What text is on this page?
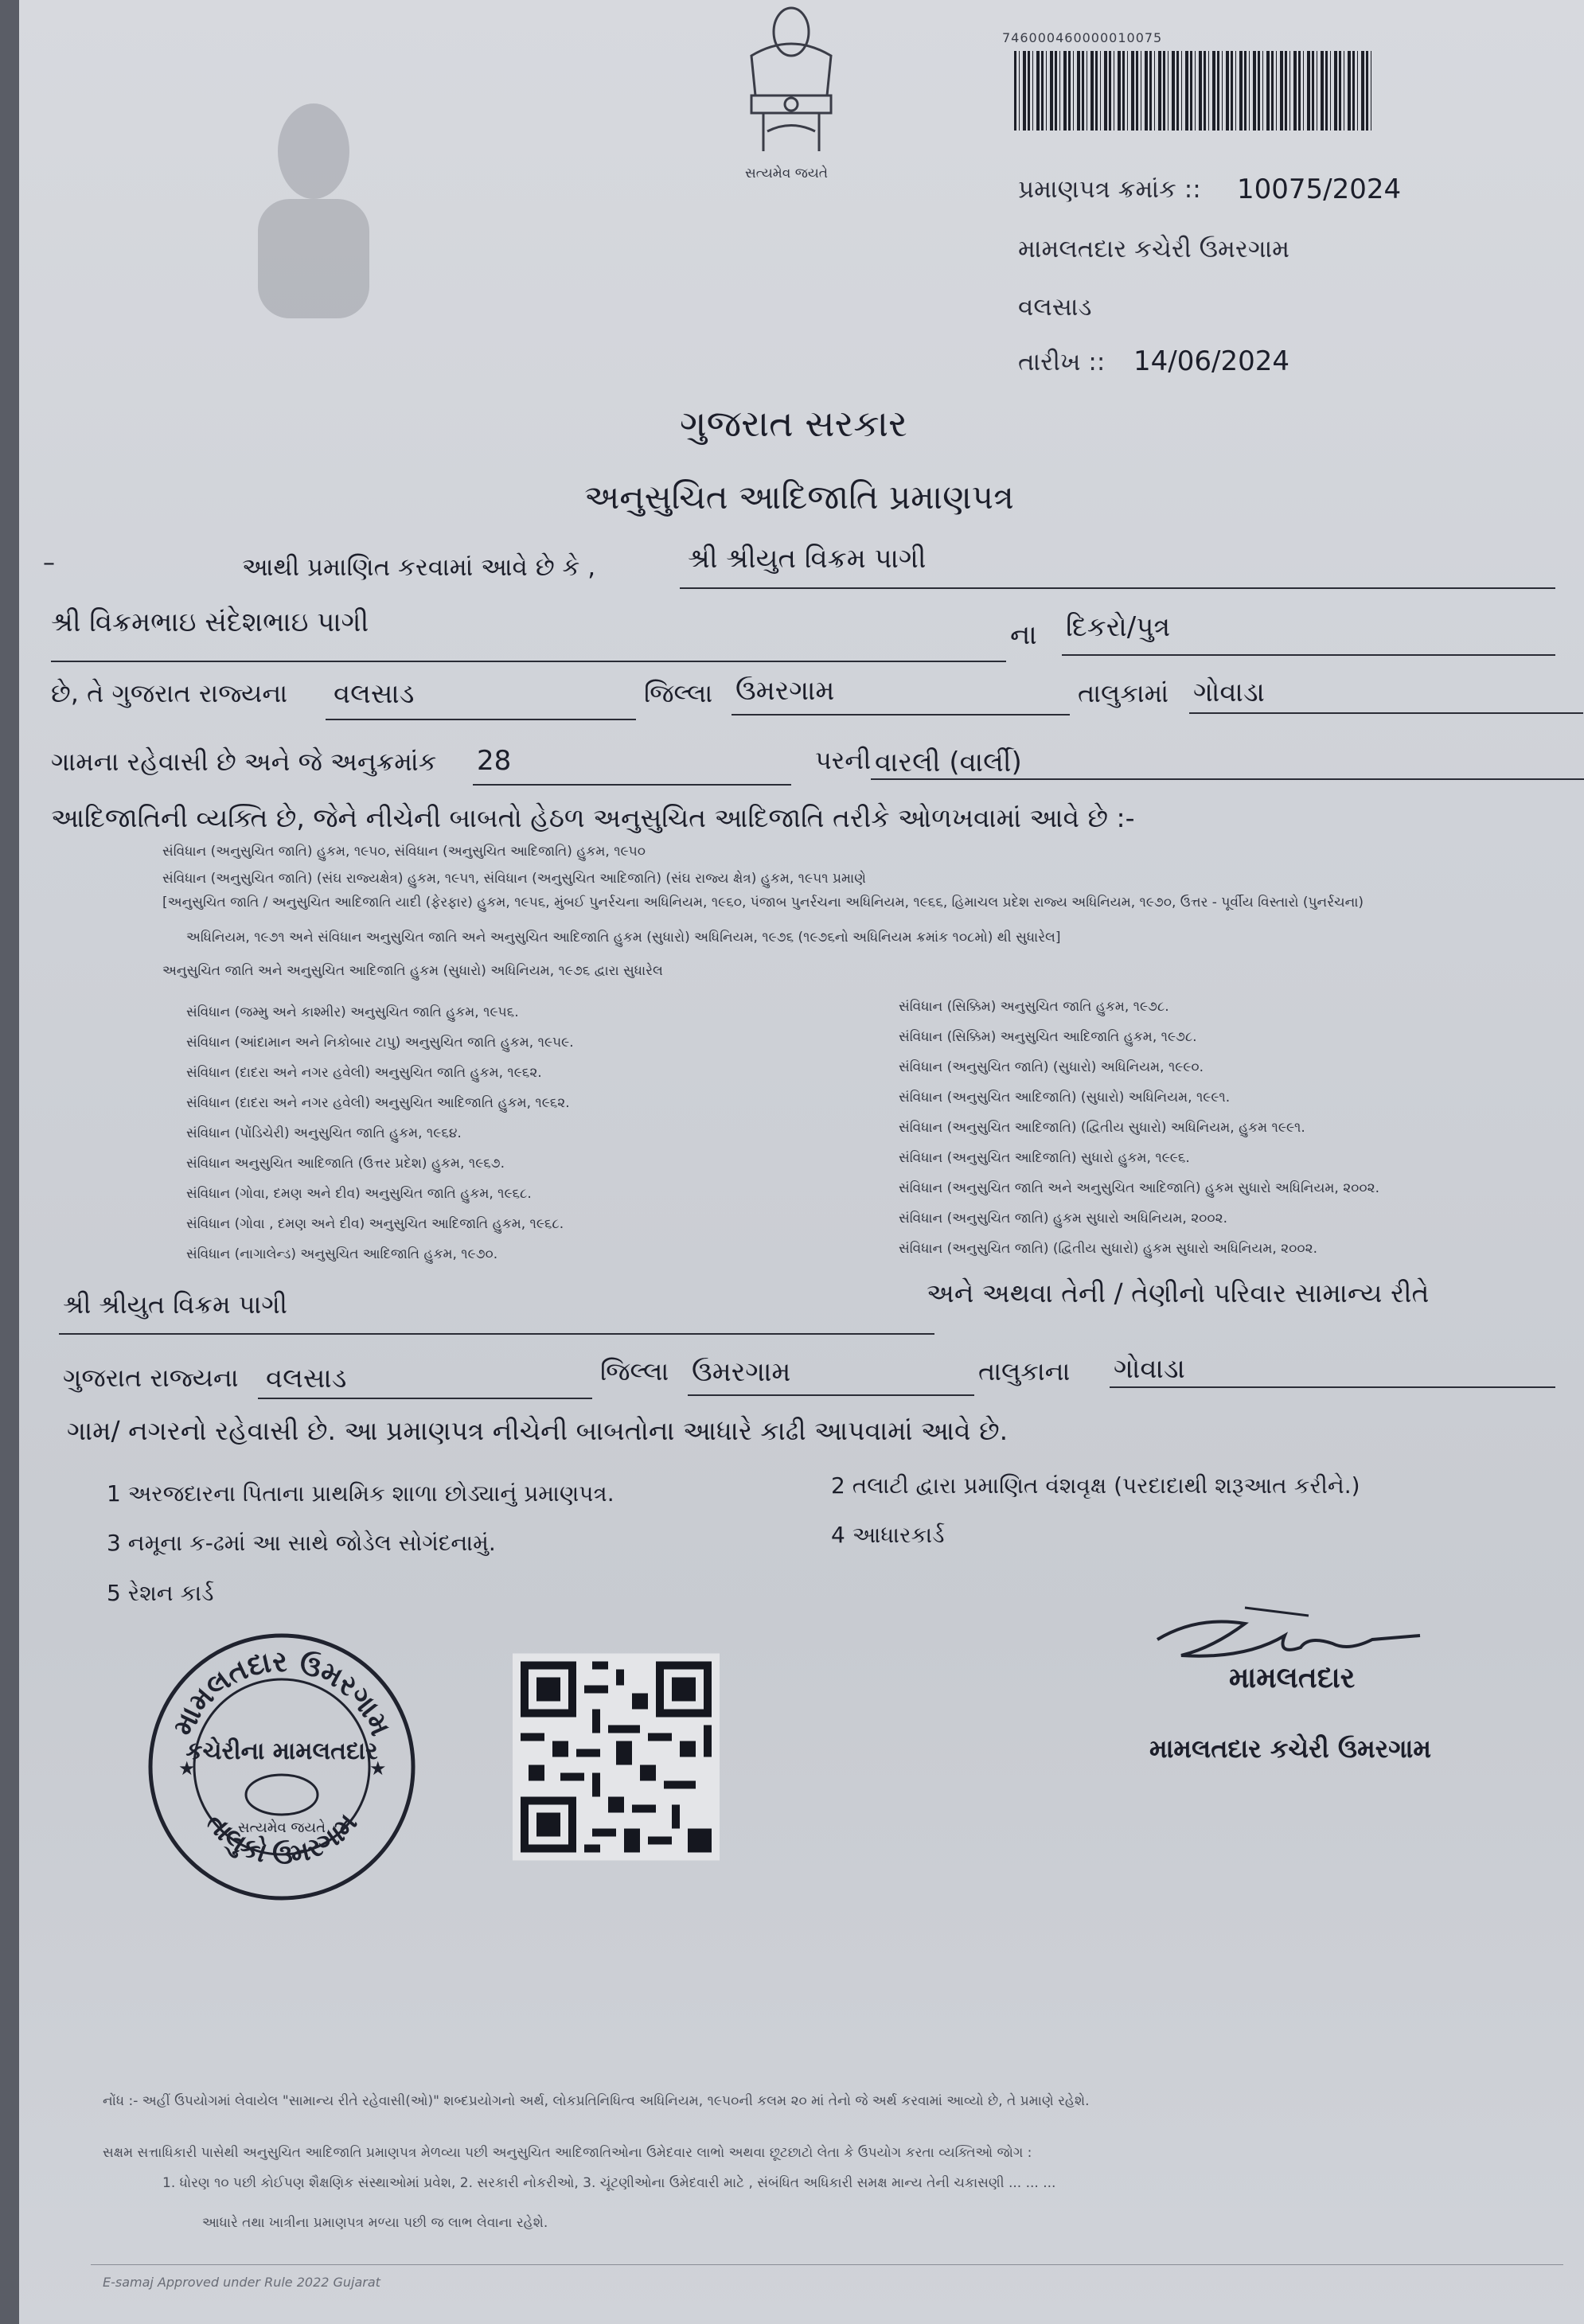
સત્યમેવ જયતે
746000460000010075
પ્રમાણપત્ર ક્રમાંક :: 10075/2024
મામલતદાર કચેરી ઉમરગામ
વલસાડ
તારીખ :: 14/06/2024
ગુજરાત સરકાર
અનુસુચિત આદિજાતિ પ્રમાણપત્ર
–	આથી પ્રમાણિત કરવામાં આવે છે કે ,	શ્રી શ્રીયુત વિક્રમ પાગી
શ્રી વિક્રમભાઇ સંદેશભાઇ પાગી	ના દિકરો/પુત્ર
છે, તે ગુજરાત રાજ્યના વલસાડ	જિલ્લા ઉમરગામ	તાલુકામાં ગોવાડા
ગામના રહેવાસી છે અને જે અનુક્રમાંક 28	પરની વારલી (વાર્લી)
આદિજાતિની વ્યક્તિ છે, જેને નીચેની બાબતો હેઠળ અનુસુચિત આદિજાતિ તરીકે ઓળખવામાં આવે છે :-
સંવિધાન (અનુસુચિત જાતિ) હુકમ, ૧૯૫૦, સંવિધાન (અનુસુચિત આદિજાતિ) હુકમ, ૧૯૫૦
સંવિધાન (અનુસુચિત જાતિ) (સંઘ રાજ્યક્ષેત્ર) હુકમ, ૧૯૫૧, સંવિધાન (અનુસુચિત આદિજાતિ) (સંઘ રાજ્ય ક્ષેત્ર) હુકમ, ૧૯૫૧ પ્રમાણે
[અનુસુચિત જાતિ / અનુસુચિત આદિજાતિ યાદી (ફેરફાર) હુકમ, ૧૯૫૬, મુંબઈ પુનર્રચના અધિનિયમ, ૧૯૬૦, પંજાબ પુનર્રચના અધિનિયમ, ૧૯૬૬, હિમાચલ પ્રદેશ રાજ્ય અધિનિયમ, ૧૯૭૦, ઉત્તર - પૂર્વીય વિસ્તારો (પુનર્રચના)
અધિનિયમ, ૧૯૭૧ અને સંવિધાન અનુસુચિત જાતિ અને અનુસુચિત આદિજાતિ હુકમ (સુધારો) અધિનિયમ, ૧૯૭૬ (૧૯૭૬નો અધિનિયમ ક્રમાંક ૧૦૮મો) થી સુધારેલ]
અનુસુચિત જાતિ અને અનુસુચિત આદિજાતિ હુકમ (સુધારો) અધિનિયમ, ૧૯૭૬ દ્વારા સુધારેલ
સંવિધાન (જમ્મુ અને કાશ્મીર) અનુસુચિત જાતિ હુકમ, ૧૯૫૬.
સંવિધાન (આંદામાન અને નિકોબાર ટાપુ) અનુસુચિત જાતિ હુકમ, ૧૯૫૯.
સંવિધાન (દાદરા અને નગર હવેલી) અનુસુચિત જાતિ હુકમ, ૧૯૬૨.
સંવિધાન (દાદરા અને નગર હવેલી) અનુસુચિત આદિજાતિ હુકમ, ૧૯૬૨.
સંવિધાન (પોંડિચેરી) અનુસુચિત જાતિ હુકમ, ૧૯૬૪.
સંવિધાન અનુસુચિત આદિજાતિ (ઉત્તર પ્રદેશ) હુકમ, ૧૯૬૭.
સંવિધાન (ગોવા, દમણ અને દીવ) અનુસુચિત જાતિ હુકમ, ૧૯૬૮.
સંવિધાન (ગોવા , દમણ અને દીવ) અનુસુચિત આદિજાતિ હુકમ, ૧૯૬૮.
સંવિધાન (નાગાલેન્ડ) અનુસુચિત આદિજાતિ હુકમ, ૧૯૭૦.
સંવિધાન (સિક્કિમ) અનુસુચિત જાતિ હુકમ, ૧૯૭૮.
સંવિધાન (સિક્કિમ) અનુસુચિત આદિજાતિ હુકમ, ૧૯૭૮.
સંવિધાન (અનુસુચિત જાતિ) (સુધારો) અધિનિયમ, ૧૯૯૦.
સંવિધાન (અનુસુચિત આદિજાતિ) (સુધારો) અધિનિયમ, ૧૯૯૧.
સંવિધાન (અનુસુચિત આદિજાતિ) (દ્વિતીય સુધારો) અધિનિયમ, હુકમ ૧૯૯૧.
સંવિધાન (અનુસુચિત આદિજાતિ) સુધારો હુકમ, ૧૯૯૬.
સંવિધાન (અનુસુચિત જાતિ અને અનુસુચિત આદિજાતિ) હુકમ સુધારો અધિનિયમ, ૨૦૦૨.
સંવિધાન (અનુસુચિત જાતિ) હુકમ સુધારો અધિનિયમ, ૨૦૦૨.
સંવિધાન (અનુસુચિત જાતિ) (દ્વિતીય સુધારો) હુકમ સુધારો અધિનિયમ, ૨૦૦૨.
શ્રી શ્રીયુત વિક્રમ પાગી	અને અથવા તેની / તેણીનો પરિવાર સામાન્ય રીતે
ગુજરાત રાજ્યના વલસાડ	જિલ્લા ઉમરગામ	તાલુકાના ગોવાડા
ગામ/ નગરનો રહેવાસી છે. આ પ્રમાણપત્ર નીચેની બાબતોના આધારે કાઢી આપવામાં આવે છે.
1 અરજદારના પિતાના પ્રાથમિક શાળા છોડ્યાનું પ્રમાણપત્ર.	2 તલાટી દ્વારા પ્રમાણિત વંશવૃક્ષ (પરદાદાથી શરૂઆત કરીને.)
3 નમૂના ક-ઢમાં આ સાથે જોડેલ સોગંદનામું.	4 આધારકાર્ડ
5 રેશન કાર્ડ
મામલતદાર ઉમરગામ
કચેરીના મામલતદાર
સત્યમેવ જયતે
તાલુકો ઉમરગામ
★	★
મામલતદાર
મામલતદાર કચેરી ઉમરગામ
નોંધ :- અહીં ઉપયોગમાં લેવાયેલ "સામાન્ય રીતે રહેવાસી(ઓ)" શબ્દપ્રયોગનો અર્થ, લોકપ્રતિનિધિત્વ અધિનિયમ, ૧૯૫૦ની કલમ ૨૦ માં તેનો જે અર્થ કરવામાં આવ્યો છે, તે પ્રમાણે રહેશે.
સક્ષમ સત્તાધિકારી પાસેથી અનુસુચિત આદિજાતિ પ્રમાણપત્ર મેળવ્યા પછી અનુસુચિત આદિજાતિઓના ઉમેદવાર લાભો અથવા છૂટછાટો લેતા કે ઉપયોગ કરતા વ્યક્તિઓ જોગ :
1. ધોરણ ૧૦ પછી કોઈપણ શૈક્ષણિક સંસ્થાઓમાં પ્રવેશ, 2. સરકારી નોકરીઓ, 3. ચૂંટણીઓના ઉમેદવારી માટે , સંબંધિત અધિકારી સમક્ષ માન્ય તેની ચકાસણી ... ... ...
આધારે તથા ખાત્રીના પ્રમાણપત્ર મળ્યા પછી જ લાભ લેવાના રહેશે.
E-samaj Approved under Rule 2022 Gujarat
